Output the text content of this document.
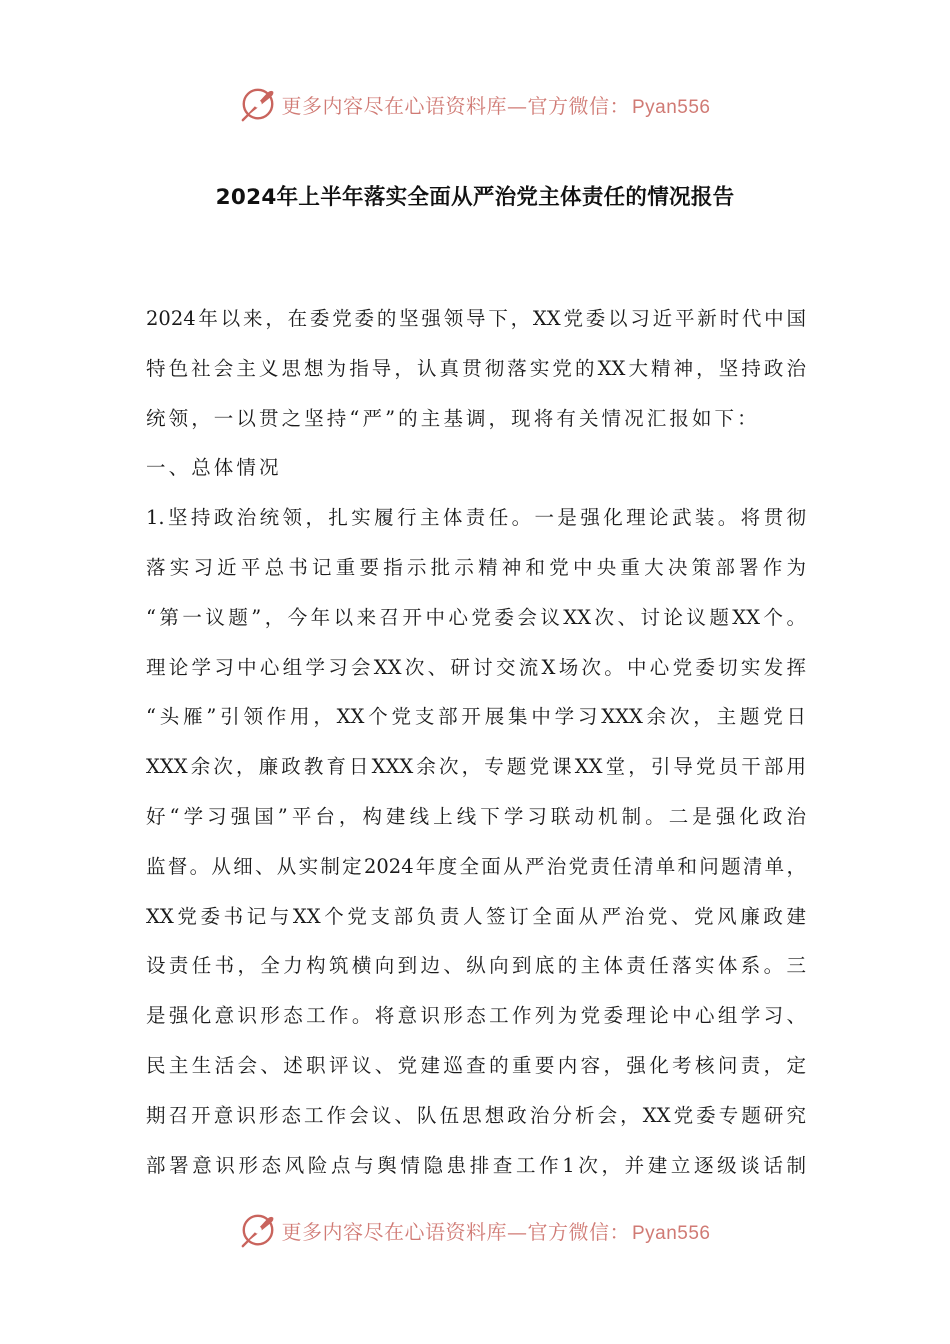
更多内容尽在心语资料库—官方微信： Pyan556
2024年上半年落实全面从严治党主体责任的情况报告
2024年以来，在委党委的坚强领导下，XX党委以习近平新时代中国
特色社会主义思想为指导，认真贯彻落实党的XX大精神，坚持政治
统领，一以贯之坚持“严”的主基调，现将有关情况汇报如下：
一、总体情况
1.坚持政治统领，扎实履行主体责任。一是强化理论武装。将贯彻
落实习近平总书记重要指示批示精神和党中央重大决策部署作为
“第一议题”，今年以来召开中心党委会议XX次、讨论议题XX个。
理论学习中心组学习会XX次、研讨交流X场次。中心党委切实发挥
“头雁”引领作用，XX个党支部开展集中学习XXX余次，主题党日
XXX余次，廉政教育日XXX余次，专题党课XX堂，引导党员干部用
好“学习强国”平台，构建线上线下学习联动机制。二是强化政治
监督。从细、从实制定2024年度全面从严治党责任清单和问题清单，
XX党委书记与XX个党支部负责人签订全面从严治党、党风廉政建
设责任书，全力构筑横向到边、纵向到底的主体责任落实体系。三
是强化意识形态工作。将意识形态工作列为党委理论中心组学习、
民主生活会、述职评议、党建巡查的重要内容，强化考核问责，定
期召开意识形态工作会议、队伍思想政治分析会，XX党委专题研究
部署意识形态风险点与舆情隐患排查工作1次，并建立逐级谈话制
更多内容尽在心语资料库—官方微信： Pyan556
